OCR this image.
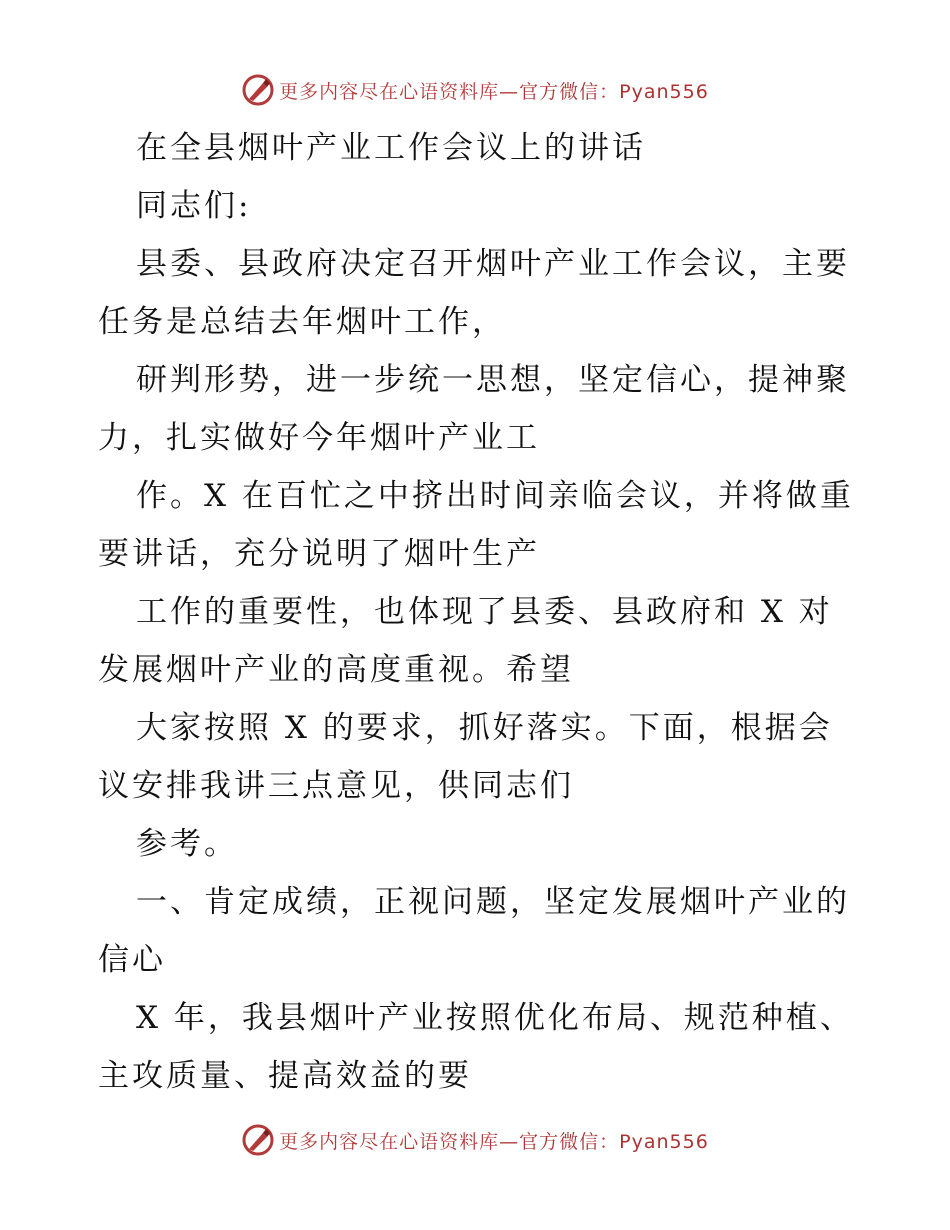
更多内容尽在心语资料库—官方微信：Pyan556
在全县烟叶产业工作会议上的讲话
同志们:
县委、县政府决定召开烟叶产业工作会议，主要
任务是总结去年烟叶工作，
研判形势，进一步统一思想，坚定信心，提神聚
力，扎实做好今年烟叶产业工
作。X 在百忙之中挤出时间亲临会议，并将做重
要讲话，充分说明了烟叶生产
工作的重要性，也体现了县委、县政府和 X 对
发展烟叶产业的高度重视。希望
大家按照 X 的要求，抓好落实。下面，根据会
议安排我讲三点意见，供同志们
参考。
一、肯定成绩，正视问题，坚定发展烟叶产业的
信心
X 年，我县烟叶产业按照优化布局、规范种植、
主攻质量、提高效益的要
更多内容尽在心语资料库—官方微信：Pyan556
